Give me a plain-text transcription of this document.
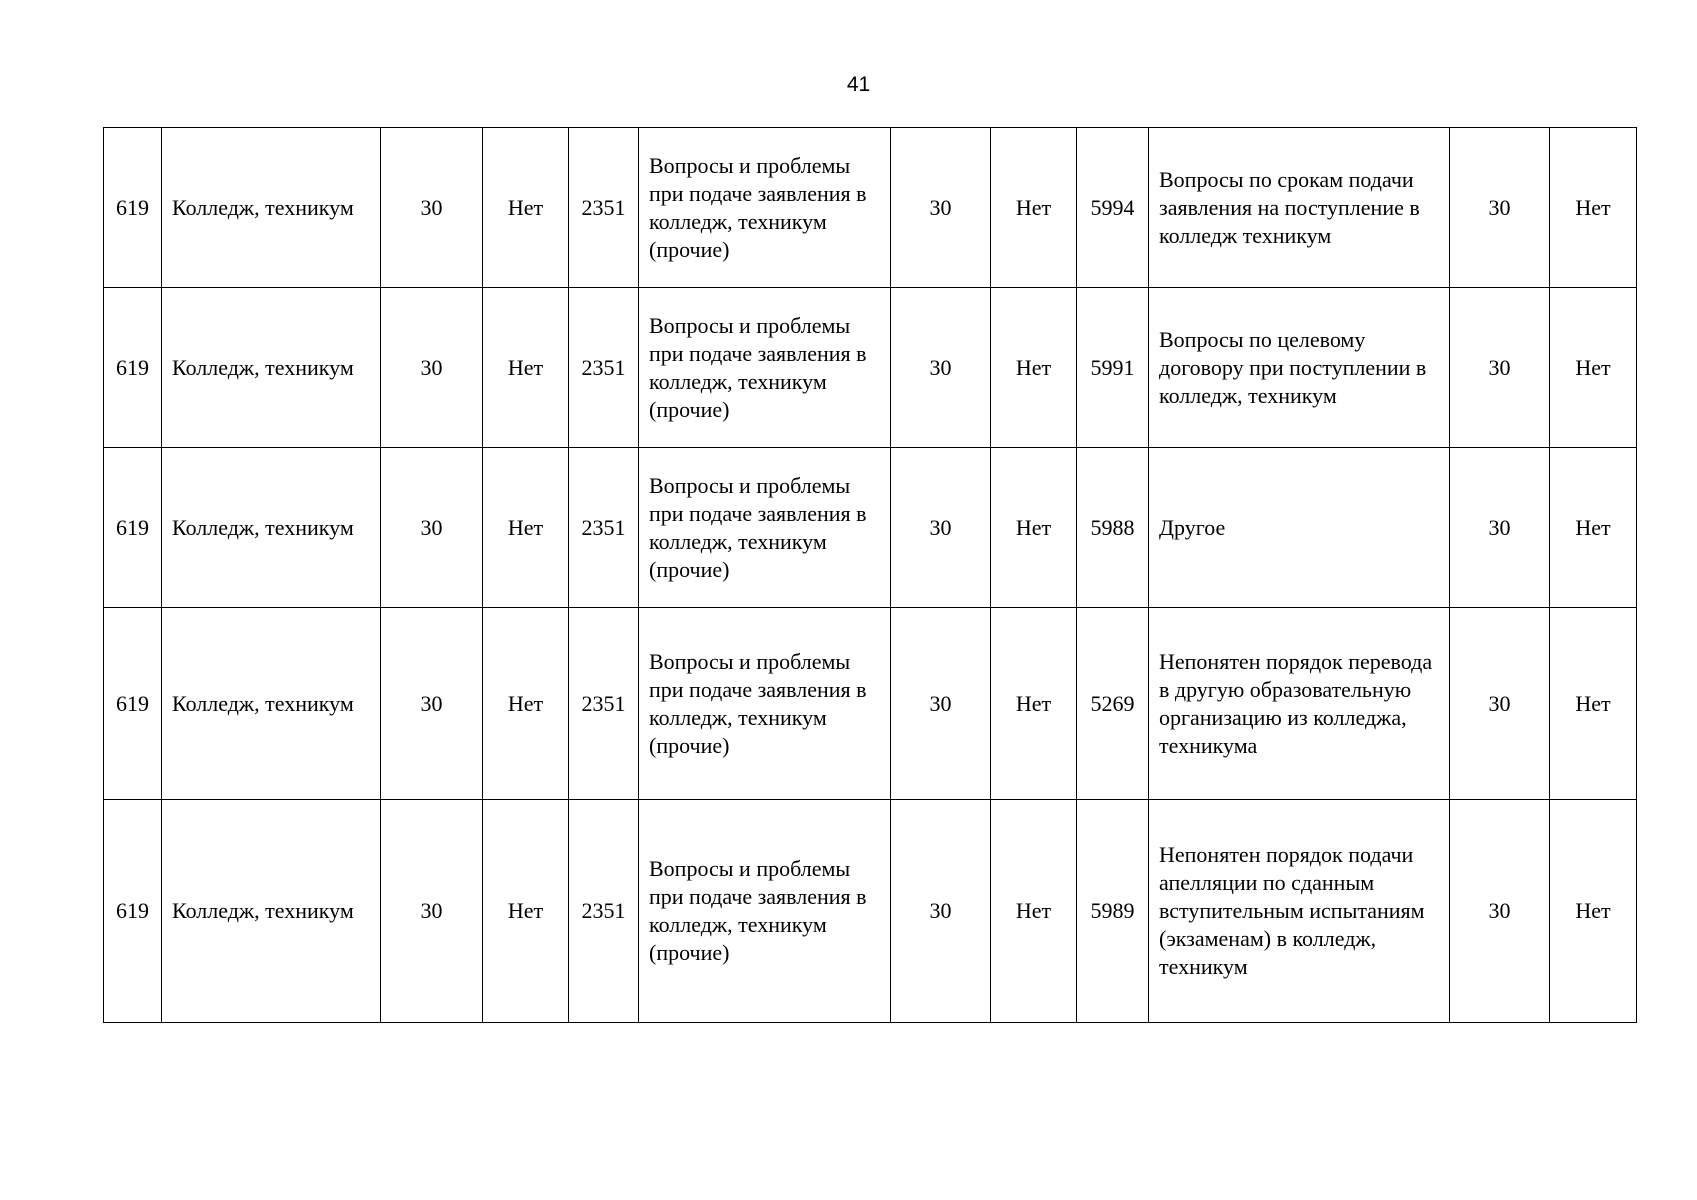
41
619	Колледж, техникум	30	Нет	2351	Вопросы и проблемы при подаче заявления в колледж, техникум (прочие)	30	Нет	5994	Вопросы по срокам подачи заявления на поступление в колледж техникум	30	Нет
619	Колледж, техникум	30	Нет	2351	Вопросы и проблемы при подаче заявления в колледж, техникум (прочие)	30	Нет	5991	Вопросы по целевому договору при поступлении в колледж, техникум	30	Нет
619	Колледж, техникум	30	Нет	2351	Вопросы и проблемы при подаче заявления в колледж, техникум (прочие)	30	Нет	5988	Другое	30	Нет
619	Колледж, техникум	30	Нет	2351	Вопросы и проблемы при подаче заявления в колледж, техникум (прочие)	30	Нет	5269	Непонятен порядок перевода в другую образовательную организацию из колледжа, техникума	30	Нет
619	Колледж, техникум	30	Нет	2351	Вопросы и проблемы при подаче заявления в колледж, техникум (прочие)	30	Нет	5989	Непонятен порядок подачи апелляции по сданным вступительным испытаниям (экзаменам) в колледж, техникум	30	Нет
